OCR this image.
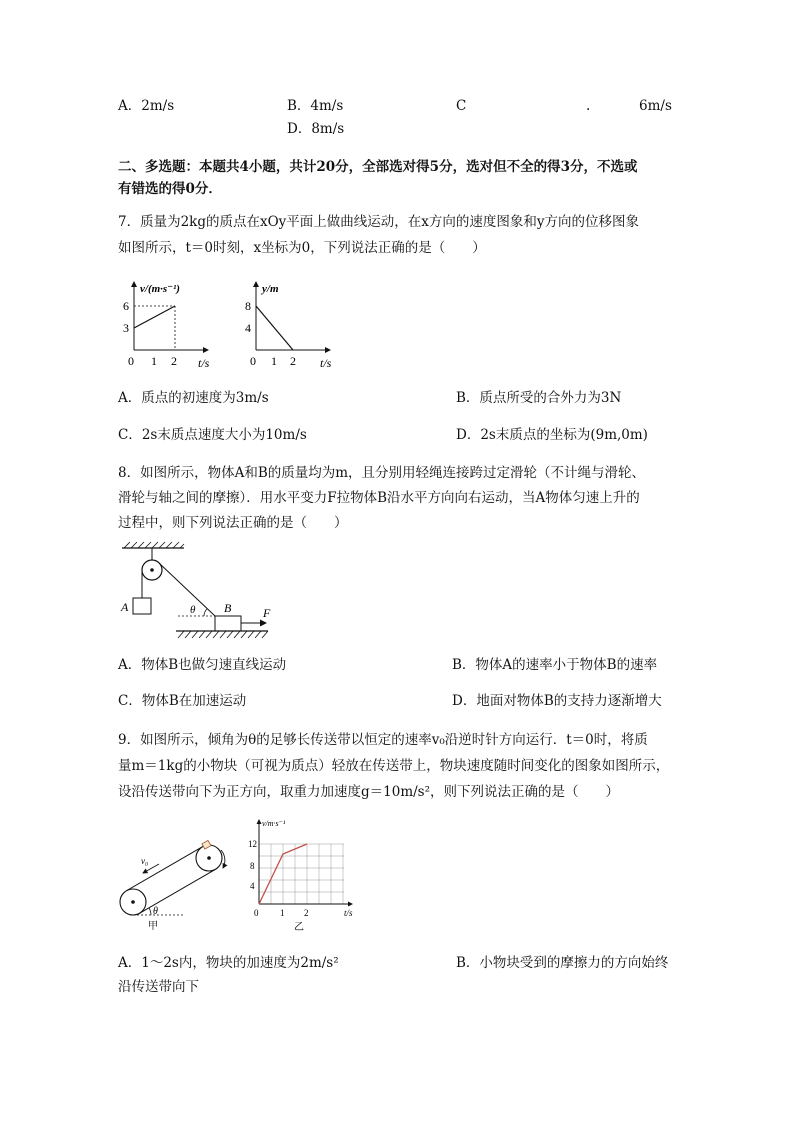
A．2m/s	B．4m/s	C	.	6m/s
D．8m/s
二、多选题：本题共4小题，共计20分，全部选对得5分，选对但不全的得3分，不选或
有错选的得0分．
7．质量为2kg的质点在xOy平面上做曲线运动，在x方向的速度图象和y方向的位移图象
如图所示，t＝0时刻，x坐标为0，下列说法正确的是（　　）
v/(m·s⁻¹)
6
3
0 1 2 t/s
y/m
8
4
0 1 2 t/s
A．质点的初速度为3m/s	B．质点所受的合外力为3N
C．2s末质点速度大小为10m/s	D．2s末质点的坐标为(9m,0m)
8．如图所示，物体A和B的质量均为m，且分别用轻绳连接跨过定滑轮（不计绳与滑轮、
滑轮与轴之间的摩擦）．用水平变力F拉物体B沿水平方向向右运动，当A物体匀速上升的
过程中，则下列说法正确的是（　　）
A	B
θ	F
A．物体B也做匀速直线运动	B．物体A的速率小于物体B的速率
C．物体B在加速运动	D．地面对物体B的支持力逐渐增大
9．如图所示，倾角为θ的足够长传送带以恒定的速率v₀沿逆时针方向运行．t＝0时，将质
量m＝1kg的小物块（可视为质点）轻放在传送带上，物块速度随时间变化的图象如图所示，
设沿传送带向下为正方向，取重力加速度g＝10m/s²，则下列说法正确的是（　　）
v₀
θ
甲
v/m·s⁻¹
12
8
4
0 1 2	t/s
乙
A．1～2s内，物块的加速度为2m/s²	B．小物块受到的摩擦力的方向始终
沿传送带向下
